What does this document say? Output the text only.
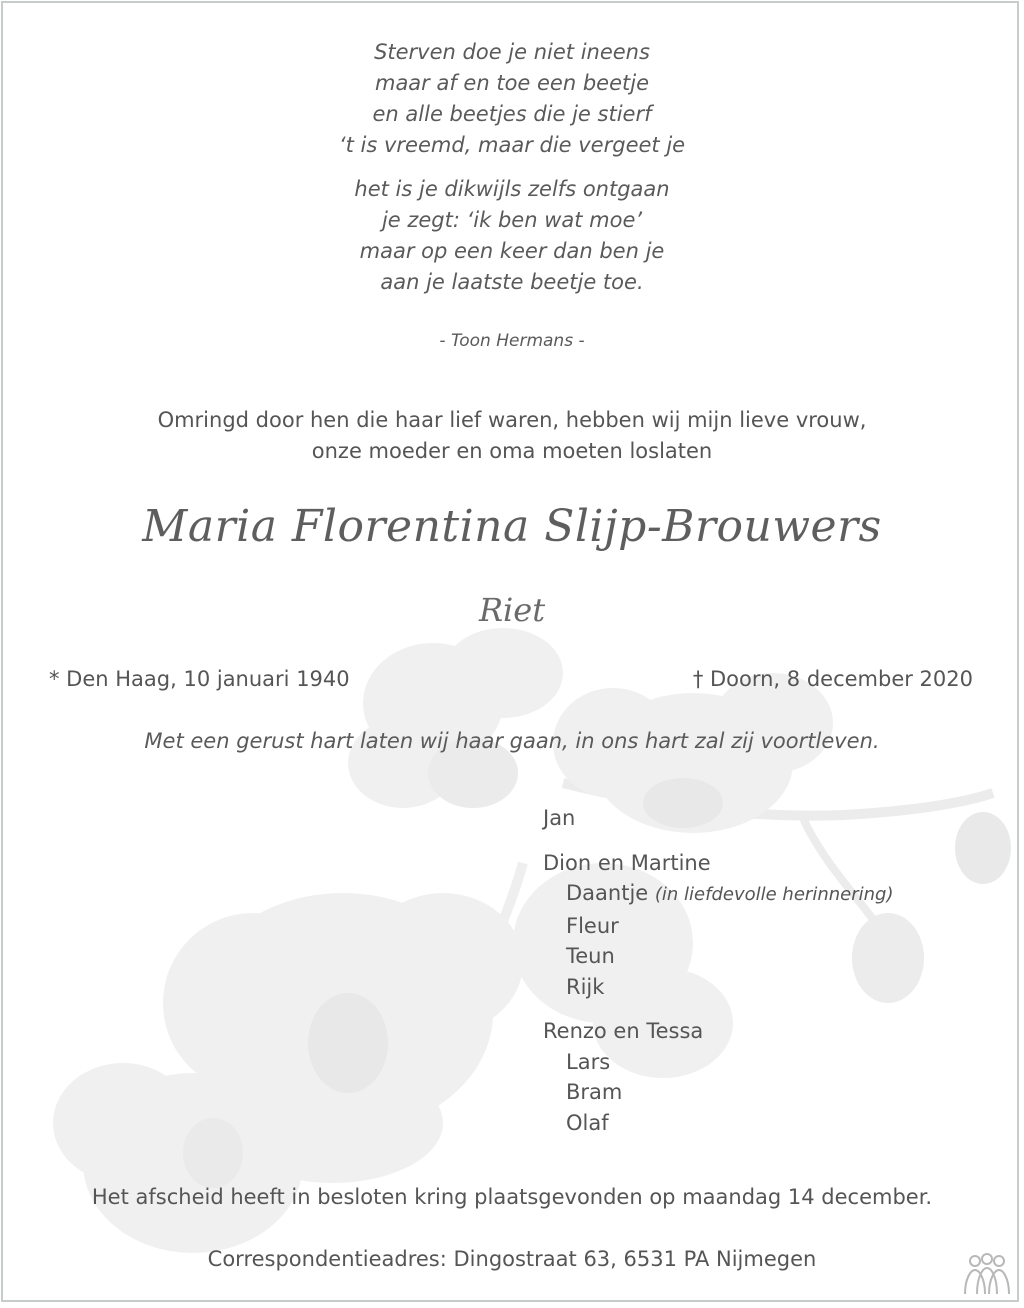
Sterven doe je niet ineens
maar af en toe een beetje
en alle beetjes die je stierf
‘t is vreemd, maar die vergeet je
het is je dikwijls zelfs ontgaan
je zegt: ‘ik ben wat moe’
maar op een keer dan ben je
aan je laatste beetje toe.
- Toon Hermans -
Omringd door hen die haar lief waren, hebben wij mijn lieve vrouw,
onze moeder en oma moeten loslaten
Maria Florentina Slijp-Brouwers
Riet
* Den Haag, 10 januari 1940	† Doorn, 8 december 2020
Met een gerust hart laten wij haar gaan, in ons hart zal zij voortleven.
Jan
Dion en Martine
Daantje (in liefdevolle herinnering)
Fleur
Teun
Rijk
Renzo en Tessa
Lars
Bram
Olaf
Het afscheid heeft in besloten kring plaatsgevonden op maandag 14 december.
Correspondentieadres: Dingostraat 63, 6531 PA Nijmegen
